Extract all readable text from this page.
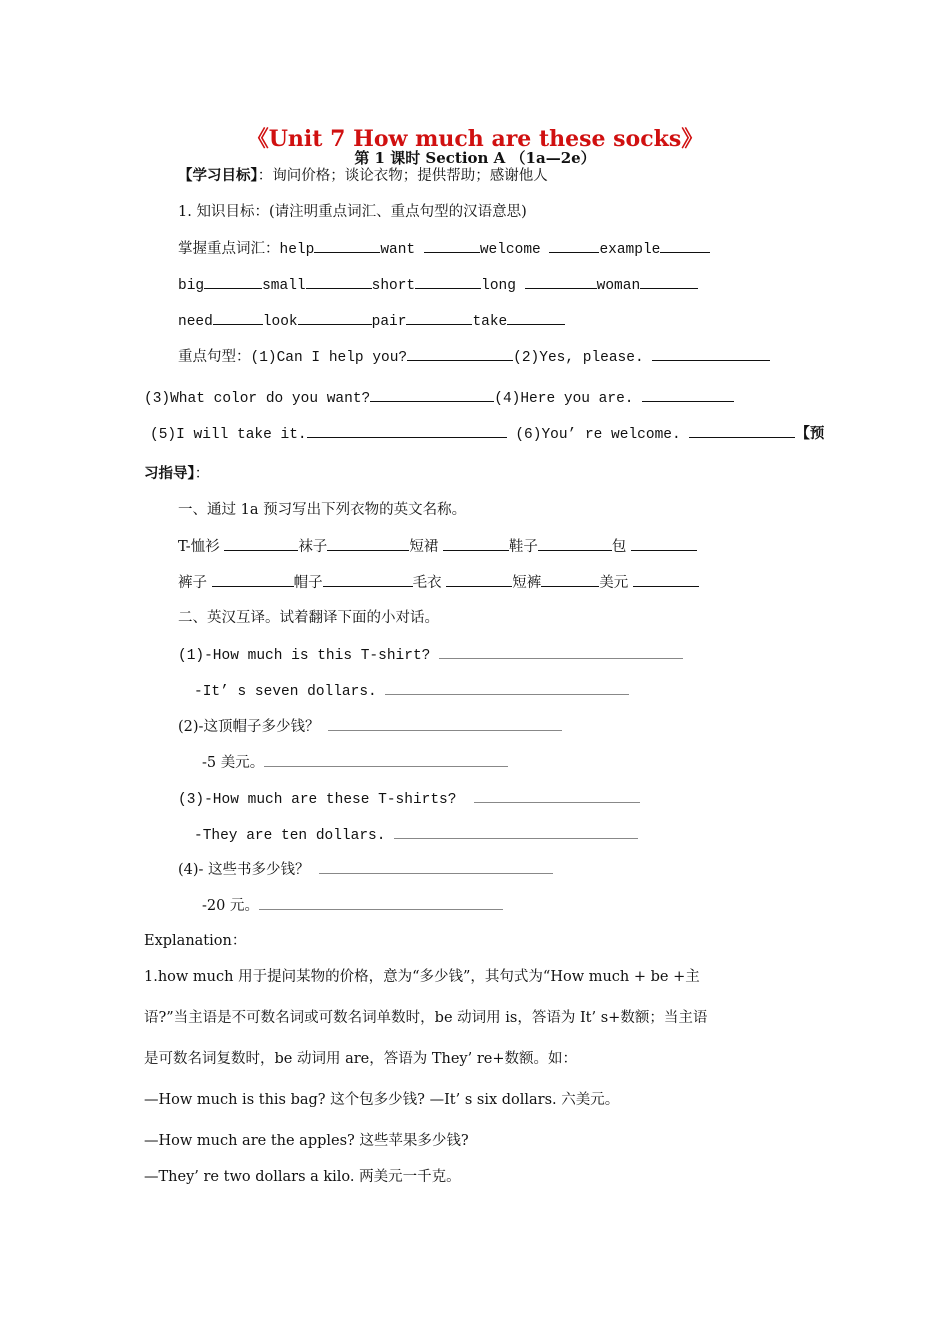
《Unit 7 How much are these socks》
第 1 课时 Section A （1a—2e）
【学习目标】：询问价格；谈论衣物；提供帮助；感谢他人
1. 知识目标：(请注明重点词汇、重点句型的汉语意思)
掌握重点词汇：help	want	welcome	example
big	small	short	long	woman
need	look	pair	take
重点句型：(1)Can I help you?	(2)Yes, please.
(3)What color do you want?	(4)Here you are.
(5)I will take it.	(6)You’ re welcome.	【预
习指导】：
一、通过 1a 预习写出下列衣物的英文名称。
T-恤衫	袜子	短裙	鞋子	包
裤子	帽子	毛衣	短裤	美元
二、英汉互译。试着翻译下面的小对话。
(1)-How much is this T-shirt?
-It’ s seven dollars.
(2)-这顶帽子多少钱？
-5 美元。
(3)-How much are these T-shirts?
-They are ten dollars.
(4)- 这些书多少钱？
-20 元。
Explanation：
1.how much 用于提问某物的价格，意为“多少钱”，其句式为“How much + be +主
语?”当主语是不可数名词或可数名词单数时，be 动词用 is，答语为 It’ s+数额；当主语
是可数名词复数时，be 动词用 are，答语为 They’ re+数额。如：
—How much is this bag? 这个包多少钱? —It’ s six dollars. 六美元。
—How much are the apples? 这些苹果多少钱?
—They’ re two dollars a kilo. 两美元一千克。
